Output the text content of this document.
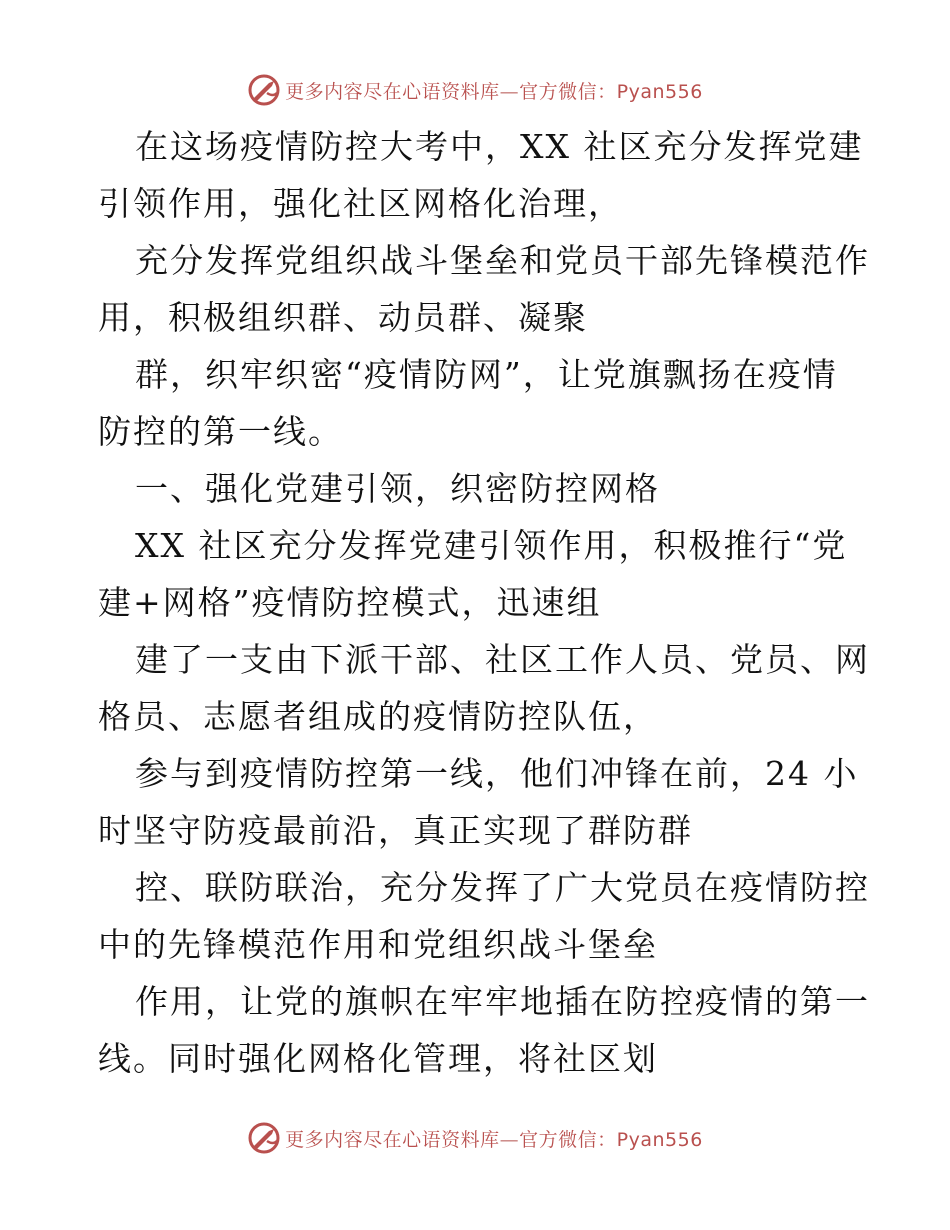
更多内容尽在心语资料库—官方微信：Pyan556
在这场疫情防控大考中，XX 社区充分发挥党建
引领作用，强化社区网格化治理，
充分发挥党组织战斗堡垒和党员干部先锋模范作
用，积极组织群、动员群、凝聚
群，织牢织密“疫情防网”，让党旗飘扬在疫情
防控的第一线。
一、强化党建引领，织密防控网格
XX 社区充分发挥党建引领作用，积极推行“党
建+网格”疫情防控模式，迅速组
建了一支由下派干部、社区工作人员、党员、网
格员、志愿者组成的疫情防控队伍，
参与到疫情防控第一线，他们冲锋在前，24 小
时坚守防疫最前沿，真正实现了群防群
控、联防联治，充分发挥了广大党员在疫情防控
中的先锋模范作用和党组织战斗堡垒
作用，让党的旗帜在牢牢地插在防控疫情的第一
线。同时强化网格化管理，将社区划
更多内容尽在心语资料库—官方微信：Pyan556
